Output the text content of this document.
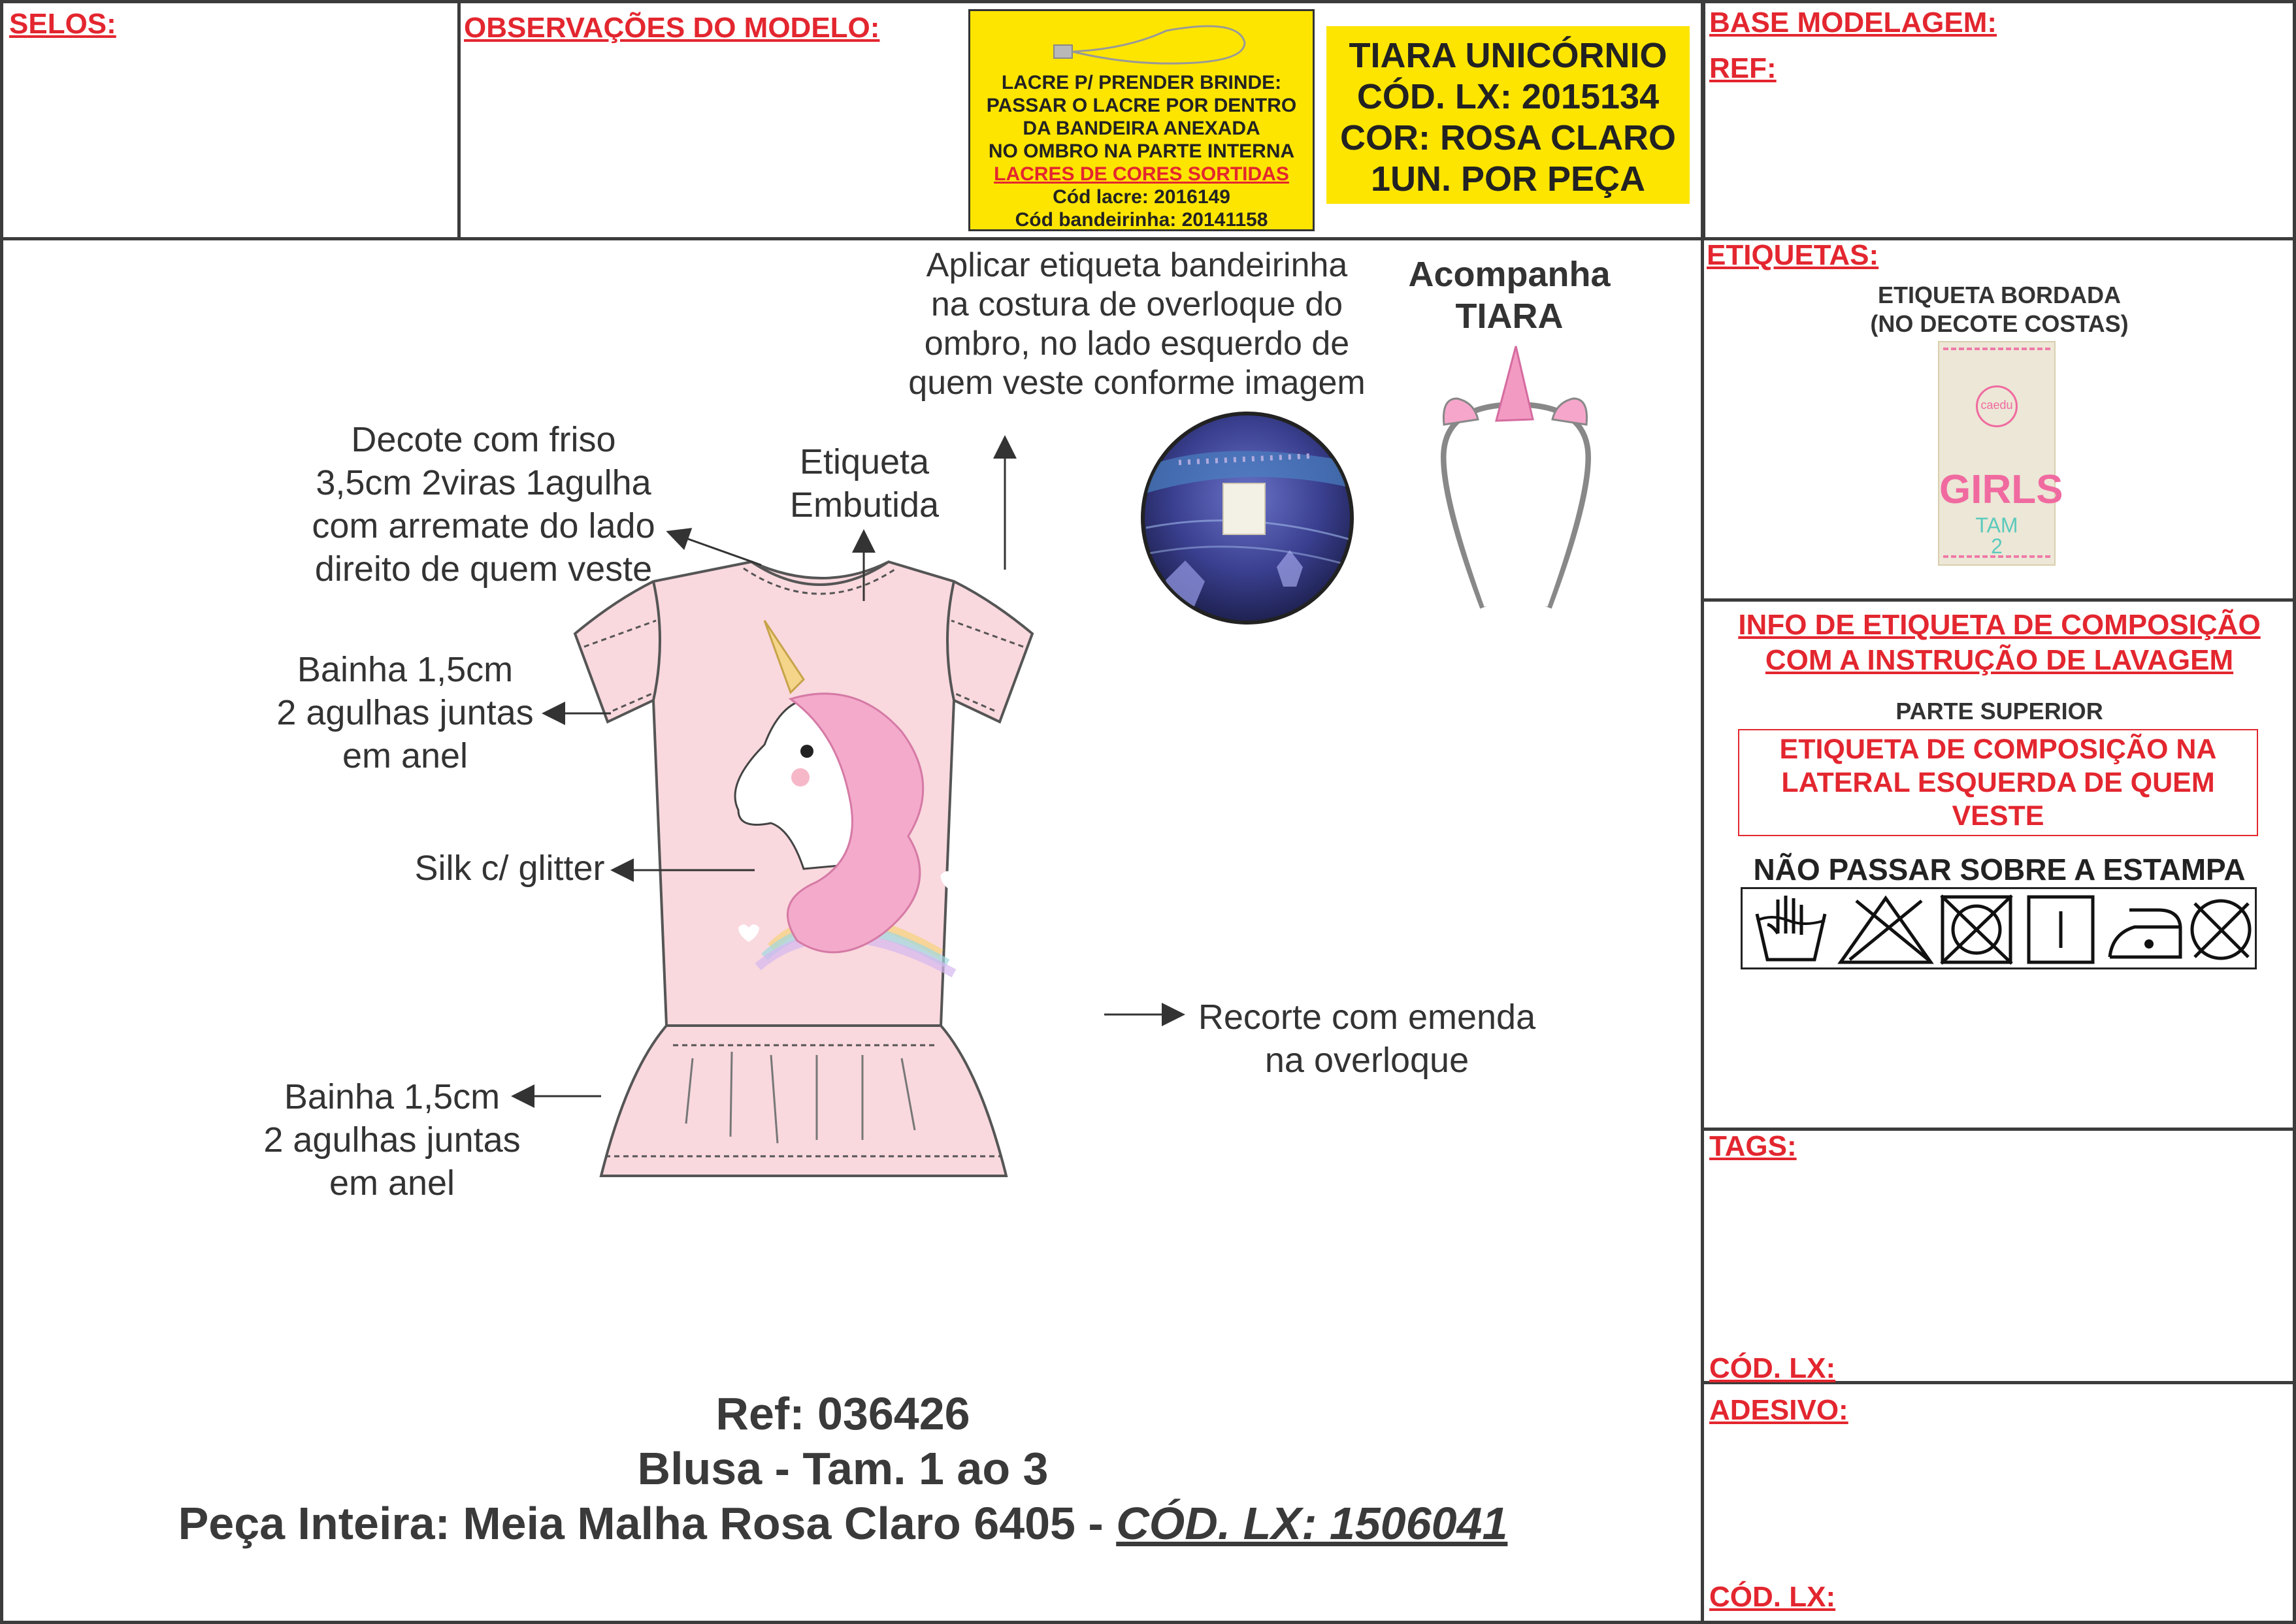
SELOS:	OBSERVAÇÕES DO MODELO:
LACRE P/ PRENDER BRINDE:
PASSAR O LACRE POR DENTRO
DA BANDEIRA ANEXADA
NO OMBRO NA PARTE INTERNA
LACRES DE CORES SORTIDAS
Cód lacre: 2016149
Cód bandeirinha: 20141158
TIARA UNICÓRNIO
CÓD. LX: 2015134
COR: ROSA CLARO
1UN. POR PEÇA
BASE MODELAGEM:
REF:
ETIQUETAS:
ETIQUETA BORDADA
(NO DECOTE COSTAS)
caedu
GIRLS
TAM
2
INFO DE ETIQUETA DE COMPOSIÇÃO
COM A INSTRUÇÃO DE LAVAGEM
PARTE SUPERIOR
ETIQUETA DE COMPOSIÇÃO NA
LATERAL ESQUERDA DE QUEM
VESTE
NÃO PASSAR SOBRE A ESTAMPA
TAGS:
CÓD. LX:
ADESIVO:
CÓD. LX:
Aplicar etiqueta bandeirinha
na costura de overloque do
ombro, no lado esquerdo de
quem veste conforme imagem
Acompanha
TIARA
Decote com friso
3,5cm 2viras 1agulha
com arremate do lado
direito de quem veste
Etiqueta
Embutida
Bainha 1,5cm
2 agulhas juntas
em anel
Silk c/ glitter
Recorte com emenda
na overloque
Bainha 1,5cm
2 agulhas juntas
em anel
Ref: 036426
Blusa - Tam. 1 ao 3
Peça Inteira: Meia Malha Rosa Claro 6405 - CÓD. LX: 1506041
